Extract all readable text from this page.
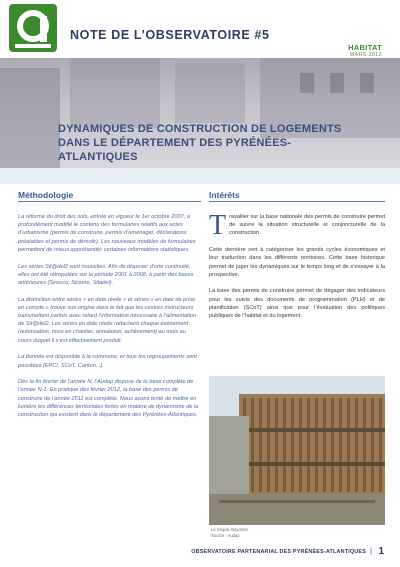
NOTE DE L’OBSERVATOIRE #5
HABITAT
MARS 2012
DYNAMIQUES DE CONSTRUCTION DE LOGEMENTS
DANS LE DÉPARTEMENT DES PYRÉNÉES-ATLANTIQUES
Méthodologie	Intérêts

La réforme du droit des sols, entrée en vigueur le 1er octobre 2007, a profondément modifié le contenu des formulaires relatifs aux actes d’urbanisme (permis de construire, permis d’aménager, déclarations préalables et permis de démolir). Les nouveaux modèles de formulaires permettent de mieux appréhender certaines informations statistiques.

Les séries Sit@del2 sont nouvelles. Afin de disposer d’une continuité, elles ont été rétropolées sur la période 2001 à 2008, à partir des bases antérieures (Sirocco, Sicione, Sitadel).

La distinction entre séries « en date réelle » et séries « en date de prise en compte » trouve son origine dans le fait que les centres instructeurs transmettent parfois avec retard l’information nécessaire à l’alimentation de Sit@del2. Les séries en date réelle rattachent chaque événement (autorisation, mise en chantier, annulation, achèvement) au mois au cours duquel il s’est effectivement produit.

La donnée est disponible à la commune, et tous les regroupements sont possibles (EPCI, SCoT, Canton...).

Dès la fin février de l’année N, l’Audap dispose de la base complète de l’année N-1. En pratique dès février 2012, la base des permis de construire de l’année 2011 est complète. Nous avons tenté de mettre en lumière les différences territoriales fortes en matière de dynamisme de la construction qui existent dans le département des Pyrénées-Atlantiques.

Travailler sur la base nationale des permis de construire permet de suivre la situation structurelle et conjoncturelle de la construction.

Cette dernière sert à catégoriser les grands cycles économiques et leur traduction dans les différents territoires. Cette base historique permet de juger les dynamiques sur le temps long et de s’essayer à la prospective.

La base des permis de construire permet de dégager des indicateurs pour les suivis des documents de programmation (PLH) et de planification (SCoT) ainsi que pour l’évaluation des politiques publiques de l’habitat et du logement.

Le Séqué, Bayonne
Source : Audap
OBSERVATOIRE PARTENARIAL DES PYRÉNÉES-ATLANTIQUES | 1
